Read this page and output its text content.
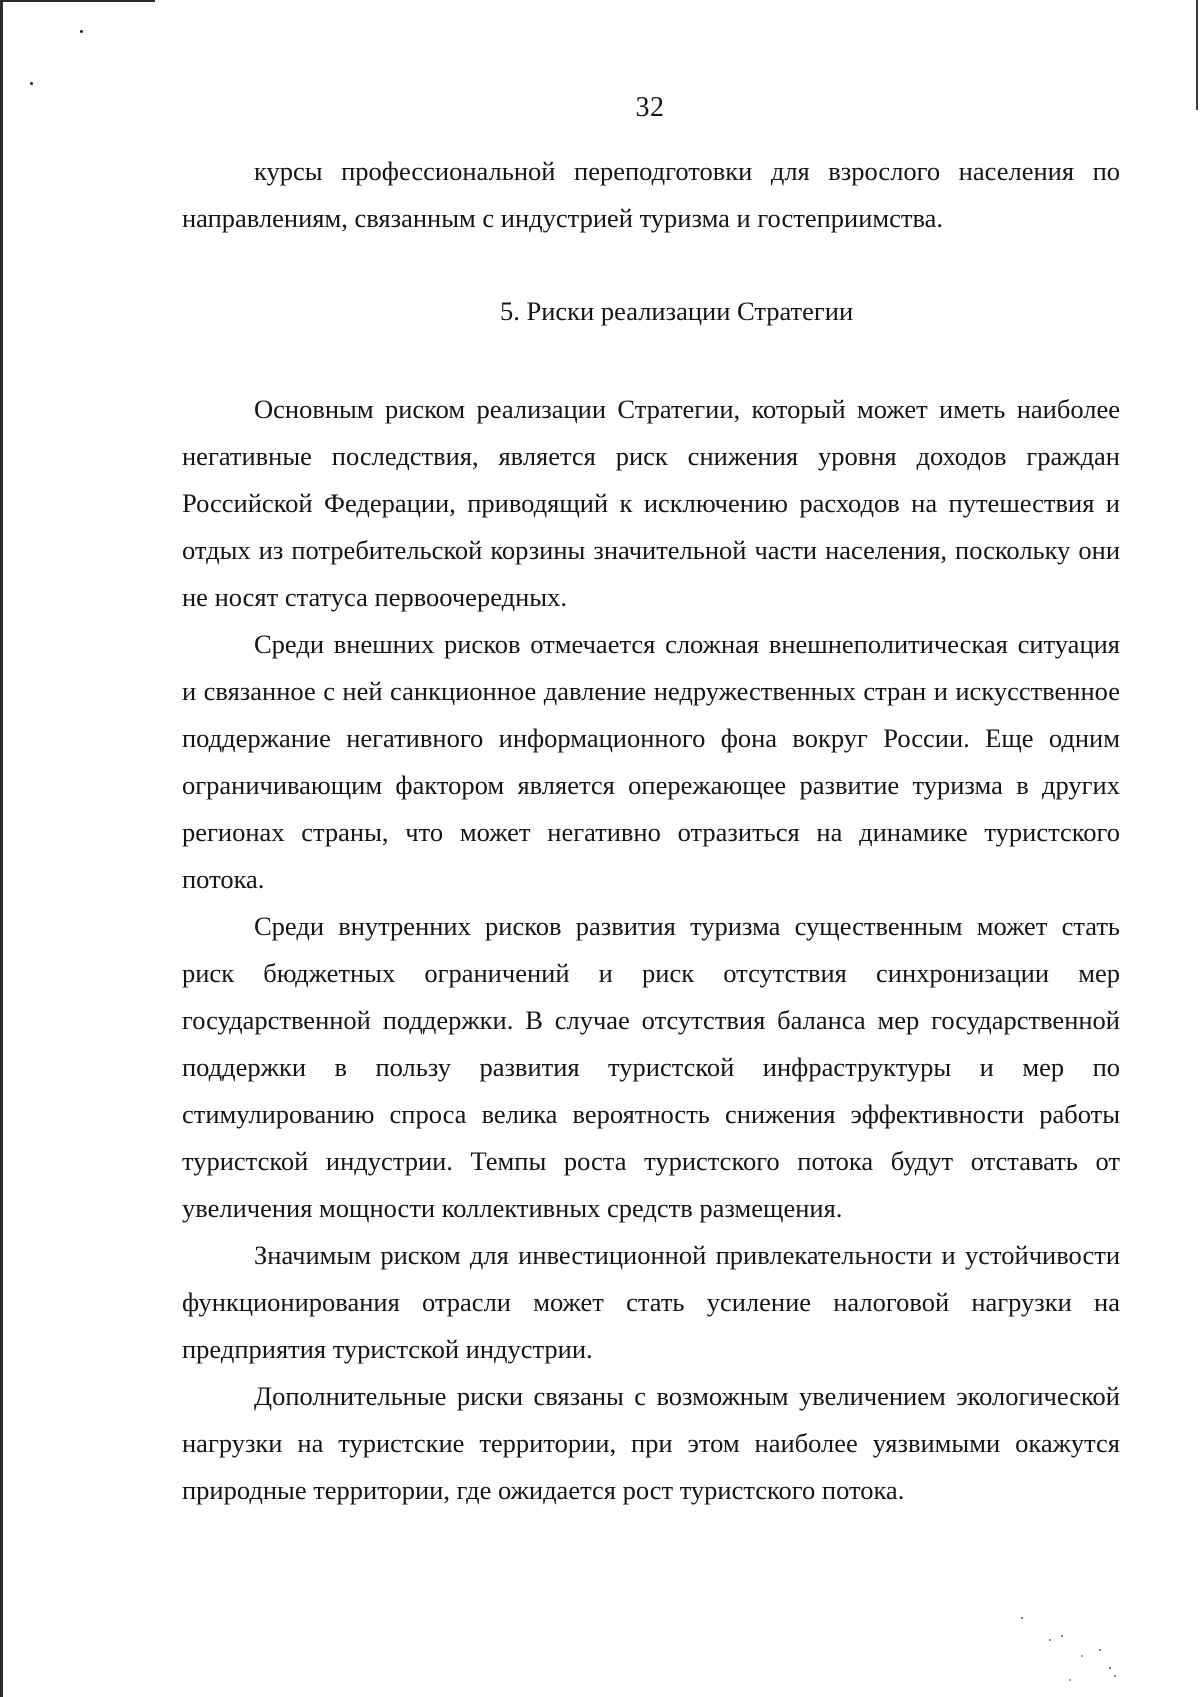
32

курсы профессиональной переподготовки для взрослого населения по направлениям, связанным с индустрией туризма и гостеприимства.

5. Риски реализации Стратегии

Основным риском реализации Стратегии, который может иметь наиболее негативные последствия, является риск снижения уровня доходов граждан Российской Федерации, приводящий к исключению расходов на путешествия и отдых из потребительской корзины значительной части населения, поскольку они не носят статуса первоочередных.

Среди внешних рисков отмечается сложная внешнеполитическая ситуация и связанное с ней санкционное давление недружественных стран и искусственное поддержание негативного информационного фона вокруг России. Еще одним ограничивающим фактором является опережающее развитие туризма в других регионах страны, что может негативно отразиться на динамике туристского потока.

Среди внутренних рисков развития туризма существенным может стать риск бюджетных ограничений и риск отсутствия синхронизации мер государственной поддержки. В случае отсутствия баланса мер государственной поддержки в пользу развития туристской инфраструктуры и мер по стимулированию спроса велика вероятность снижения эффективности работы туристской индустрии. Темпы роста туристского потока будут отставать от увеличения мощности коллективных средств размещения.

Значимым риском для инвестиционной привлекательности и устойчивости функционирования отрасли может стать усиление налоговой нагрузки на предприятия туристской индустрии.

Дополнительные риски связаны с возможным увеличением экологической нагрузки на туристские территории, при этом наиболее уязвимыми окажутся природные территории, где ожидается рост туристского потока.
